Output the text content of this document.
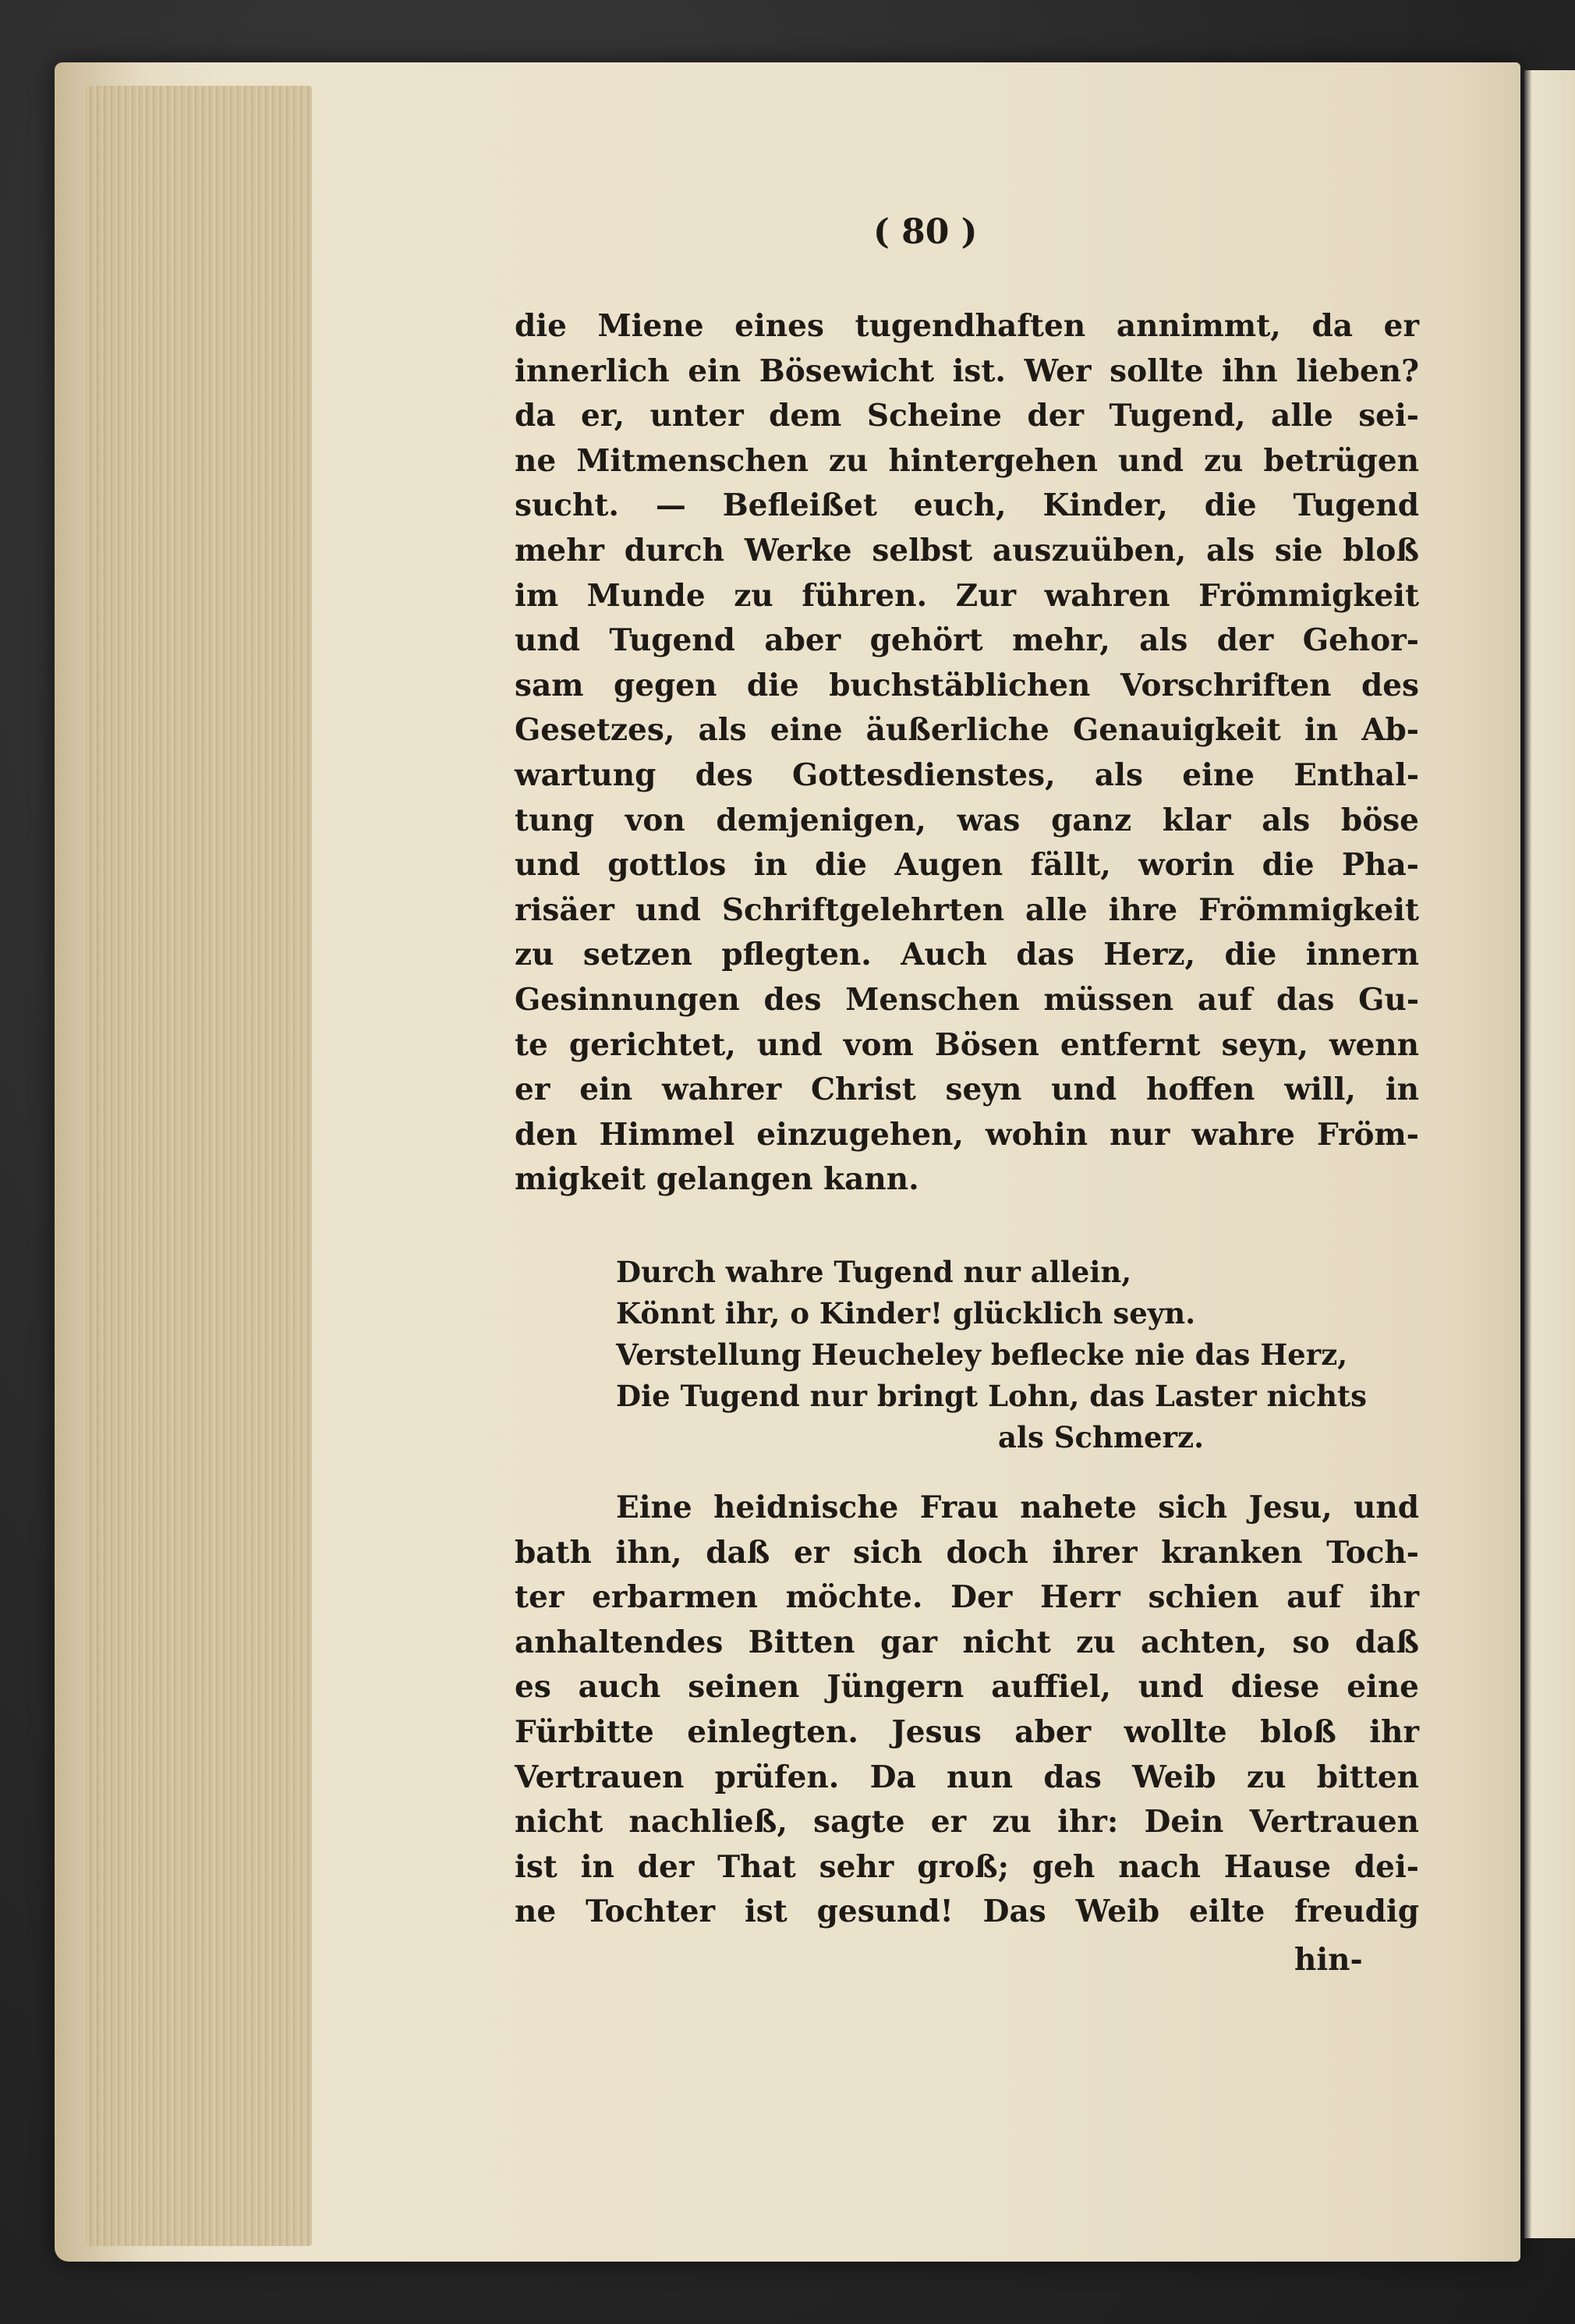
( 80 )
die Miene eines tugendhaften annimmt, da er
innerlich ein Bösewicht ist. Wer sollte ihn lieben?
da er, unter dem Scheine der Tugend, alle sei-
ne Mitmenschen zu hintergehen und zu betrügen
sucht. — Befleißet euch, Kinder, die Tugend
mehr durch Werke selbst auszuüben, als sie bloß
im Munde zu führen. Zur wahren Frömmigkeit
und Tugend aber gehört mehr, als der Gehor-
sam gegen die buchstäblichen Vorschriften des
Gesetzes, als eine äußerliche Genauigkeit in Ab-
wartung des Gottesdienstes, als eine Enthal-
tung von demjenigen, was ganz klar als böse
und gottlos in die Augen fällt, worin die Pha-
risäer und Schriftgelehrten alle ihre Frömmigkeit
zu setzen pflegten. Auch das Herz, die innern
Gesinnungen des Menschen müssen auf das Gu-
te gerichtet, und vom Bösen entfernt seyn, wenn
er ein wahrer Christ seyn und hoffen will, in
den Himmel einzugehen, wohin nur wahre Fröm-
migkeit gelangen kann.
Durch wahre Tugend nur allein,
Könnt ihr, o Kinder! glücklich seyn.
Verstellung Heucheley beflecke nie das Herz,
Die Tugend nur bringt Lohn, das Laster nichts
als Schmerz.
Eine heidnische Frau nahete sich Jesu, und
bath ihn, daß er sich doch ihrer kranken Toch-
ter erbarmen möchte. Der Herr schien auf ihr
anhaltendes Bitten gar nicht zu achten, so daß
es auch seinen Jüngern auffiel, und diese eine
Fürbitte einlegten. Jesus aber wollte bloß ihr
Vertrauen prüfen. Da nun das Weib zu bitten
nicht nachließ, sagte er zu ihr: Dein Vertrauen
ist in der That sehr groß; geh nach Hause dei-
ne Tochter ist gesund! Das Weib eilte freudig
hin-
